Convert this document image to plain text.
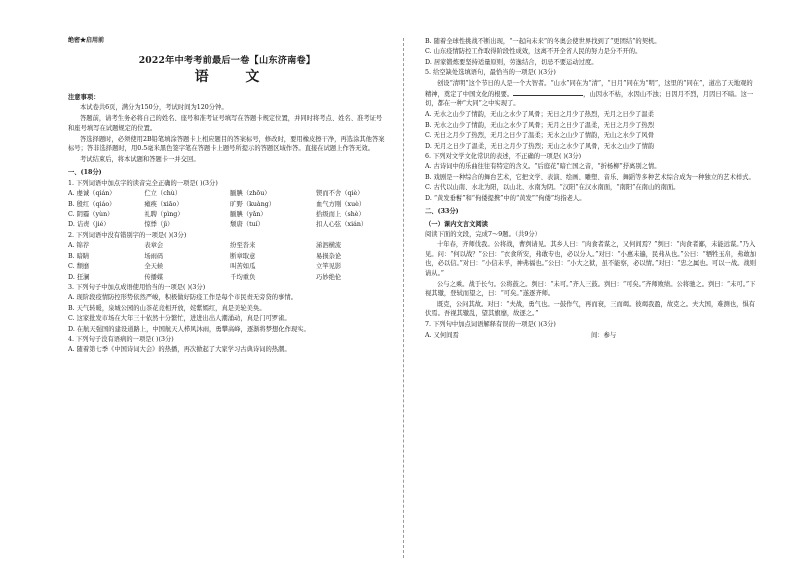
绝密★启用前
2022年中考考前最后一卷【山东济南卷】
语 文
注意事项：
本试卷共6页，满分为150分，考试时间为120分钟。
答题前，请考生务必将自己的姓名、座号和准考证号填写在答题卡规定位置，并同时将考点、姓名、准考证号和座号填写在试题规定的位置。
答选择题时，必须使用2B铅笔填涂答题卡上相应题目的答案标号，修改时，要用橡皮擦干净，再选涂其他答案标号；答非选择题时，用0.5毫米黑色签字笔在答题卡上题号所提示的答题区域作答。直接在试题上作答无效。
考试结束后，将本试题和答题卡一并交回。
一、(18分)
1. 下列词语中加点字的读音完全正确的一项是( )(3分)
A. 虔诚（qián）	伫立（chù）	腼腆（zhōu）	锲而不舍（qiè）
B. 殷红（qiáo）	瘫痪（xiāo）	旷野（kuàng）	血气方刚（xuè）
C. 阴霾（yùn）	礼聘（pìng）	腼腆（yǎn）	拾级而上（shè）
D. 诘责（jié）	惊悸（jì）	颓唐（tuí）	扣人心弦（xián）
2. 下列词语中没有错别字的一项是( )(3分)
A. 锦荐	表章会	纷至沓来	涕泗横流
B. 暗睛	场雨码	断章取意	易损杂论
C. 颓靡	全天候	叫苦如瓜	立竿见影
D. 狂澜	传播媒	千均重负	巧妙绝伦
3. 下列句子中加点成语使用恰当的一项是( )(3分)
A. 现阶段疫情防控形势依然严峻，积极做好防疫工作是每个市民责无旁贷的事情。
B. 天气转暖，泉城公园的山茶花竞相开放，姹紫嫣红，真是美轮美奂。
C. 这家批发市场在大年三十依然十分繁忙，进进出出人潮涌动，真是门可罗雀。
D. 在航天强国的建设道路上，中国航天人栉风沐雨，勇攀高峰，逐渐将梦想化作现实。
4. 下列句子没有语病的一项是( )(3分)
A. 随着第七季《中国诗词大会》的热播，再次掀起了大家学习古典诗词的热潮。
B. 随着全球性挑战不断出现，“一起向未来”的冬奥会使世界找到了“更团结”的契机。
C. 山东疫情防控工作取得阶段性成效，这离不开全省人民的努力是分不开的。
D. 居家锻炼要坚持适量原则，劳逸结合，切忌不要运动过度。
5. 给空缺处选填语句，最恰当的一项是( )(3分)
创设“清明”这个节日的人是一个大智者。“山水”同在为“清”，“日月”同在为“明”，这里的“同在”，道出了天地观的精神，奠定了中国文化的根要。	，山因水不枯，水因山不浊；日因月不烈，月因日不暗。这一切，都在一种“大同”之中实现了。
A. 无水之山少了情韵，无山之水少了风骨；无日之月少了热烈，无月之日少了温柔
B. 无水之山少了情韵，无山之水少了风骨；无月之日少了温柔，无日之月少了热烈
C. 无日之月少了热烈，无月之日少了温柔；无水之山少了情韵，无山之水少了风骨
D. 无月之日少了温柔，无日之月少了热烈；无山之水少了风骨，无水之山少了情韵
6. 下列对文学文化常识的表述，不正确的一项是( )(3分)
A. 古诗词中的乐曲往往有特定的含义。“后庭花”暗亡国之音，“折杨柳”抒离别之情。
B. 戏剧是一种综合的舞台艺术，它把文学、表演、绘画、雕塑、音乐、舞蹈等多种艺术综合成为一种独立的艺术样式。
C. 古代以山南、水北为阳，以山北、水南为阴。“汉阳”在汉水南面，“南阳”在南山的南面。
D. “黄发垂髫”和“佝偻提携”中的“黄发”“佝偻”均指老人。
二、(33分)
（一）课内文言文阅读
阅读下面的文段，完成7～9题。（共9分）
十年春，齐师伐我。公将战，曹刿请见。其乡人曰：“肉食者谋之，又何间焉？”刿曰：“肉食者鄙，未能远谋。”乃入见。问：“何以战？”公曰：“衣食所安，弗敢专也，必以分人。”对曰：“小惠未遍，民弗从也。”公曰：“牺牲玉帛，弗敢加也，必以信。”对曰：“小信未孚，神弗福也。”公曰：“小大之狱，虽不能察，必以情。”对曰：“忠之属也。可以一战。战则请从。”
公与之乘。战于长勺。公将鼓之。刿曰：“未可。”齐人三鼓。刿曰：“可矣。”齐师败绩。公将驰之。刿曰：“未可。”下视其辙，登轼而望之，曰：“可矣。”遂逐齐师。
既克，公问其故。对曰：“夫战，勇气也。一鼓作气，再而衰，三而竭。彼竭我盈，故克之。夫大国，难测也，惧有伏焉。吾视其辙乱，望其旗靡，故逐之。”
7. 下列句中加点词语解释有误的一项是( )(3分)
A. 又何间焉	间：参与
